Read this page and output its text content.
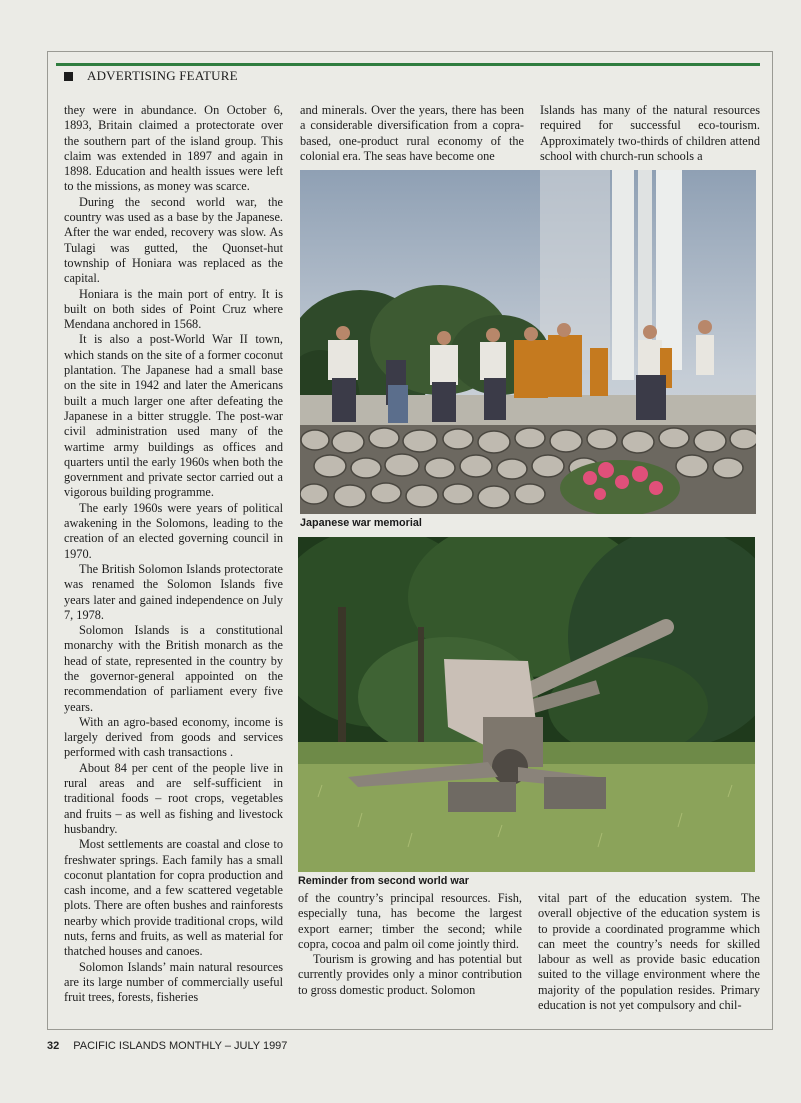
ADVERTISING FEATURE

they were in abundance. On October 6, 1893, Britain claimed a protectorate over the southern part of the island group. This claim was extended in 1897 and again in 1898. Education and health issues were left to the missions, as money was scarce.

During the second world war, the country was used as a base by the Japanese. After the war ended, recovery was slow. As Tulagi was gutted, the Quonset-hut township of Honiara was replaced as the capital.

Honiara is the main port of entry. It is built on both sides of Point Cruz where Mendana anchored in 1568.

It is also a post-World War II town, which stands on the site of a former coconut plantation. The Japanese had a small base on the site in 1942 and later the Americans built a much larger one after defeating the Japanese in a bitter struggle. The post-war civil administration used many of the wartime army buildings as offices and quarters until the early 1960s when both the government and private sector carried out a vigorous building programme.

The early 1960s were years of political awakening in the Solomons, leading to the creation of an elected governing council in 1970.

The British Solomon Islands protectorate was renamed the Solomon Islands five years later and gained independence on July 7, 1978.

Solomon Islands is a constitutional monarchy with the British monarch as the head of state, represented in the country by the governor-general appointed on the recommendation of parliament every five years.

With an agro-based economy, income is largely derived from goods and services performed with cash transactions .

About 84 per cent of the people live in rural areas and are self-sufficient in traditional foods – root crops, vegetables and fruits – as well as fishing and livestock husbandry.

Most settlements are coastal and close to freshwater springs. Each family has a small coconut plantation for copra production and cash income, and a few scattered vegetable plots. There are often bushes and rainforests nearby which provide traditional crops, wild nuts, ferns and fruits, as well as material for thatched houses and canoes.

Solomon Islands’ main natural resources are its large number of commercially useful fruit trees, forests, fisheries

and minerals. Over the years, there has been a considerable diversification from a copra-based, one-product rural economy of the colonial era. The seas have become one

Islands has many of the natural resources required for successful eco-tourism. Approximately two-thirds of children attend school with church-run schools a

Japanese war memorial
Reminder from second world war

of the country’s principal resources. Fish, especially tuna, has become the largest export earner; timber the second; while copra, cocoa and palm oil come jointly third.

Tourism is growing and has potential but currently provides only a minor contribution to gross domestic product. Solomon

vital part of the education system. The overall objective of the education system is to provide a coordinated programme which can meet the country’s needs for skilled labour as well as provide basic education suited to the village environment where the majority of the population resides. Primary education is not yet compulsory and chil-

32 PACIFIC ISLANDS MONTHLY – JULY 1997
